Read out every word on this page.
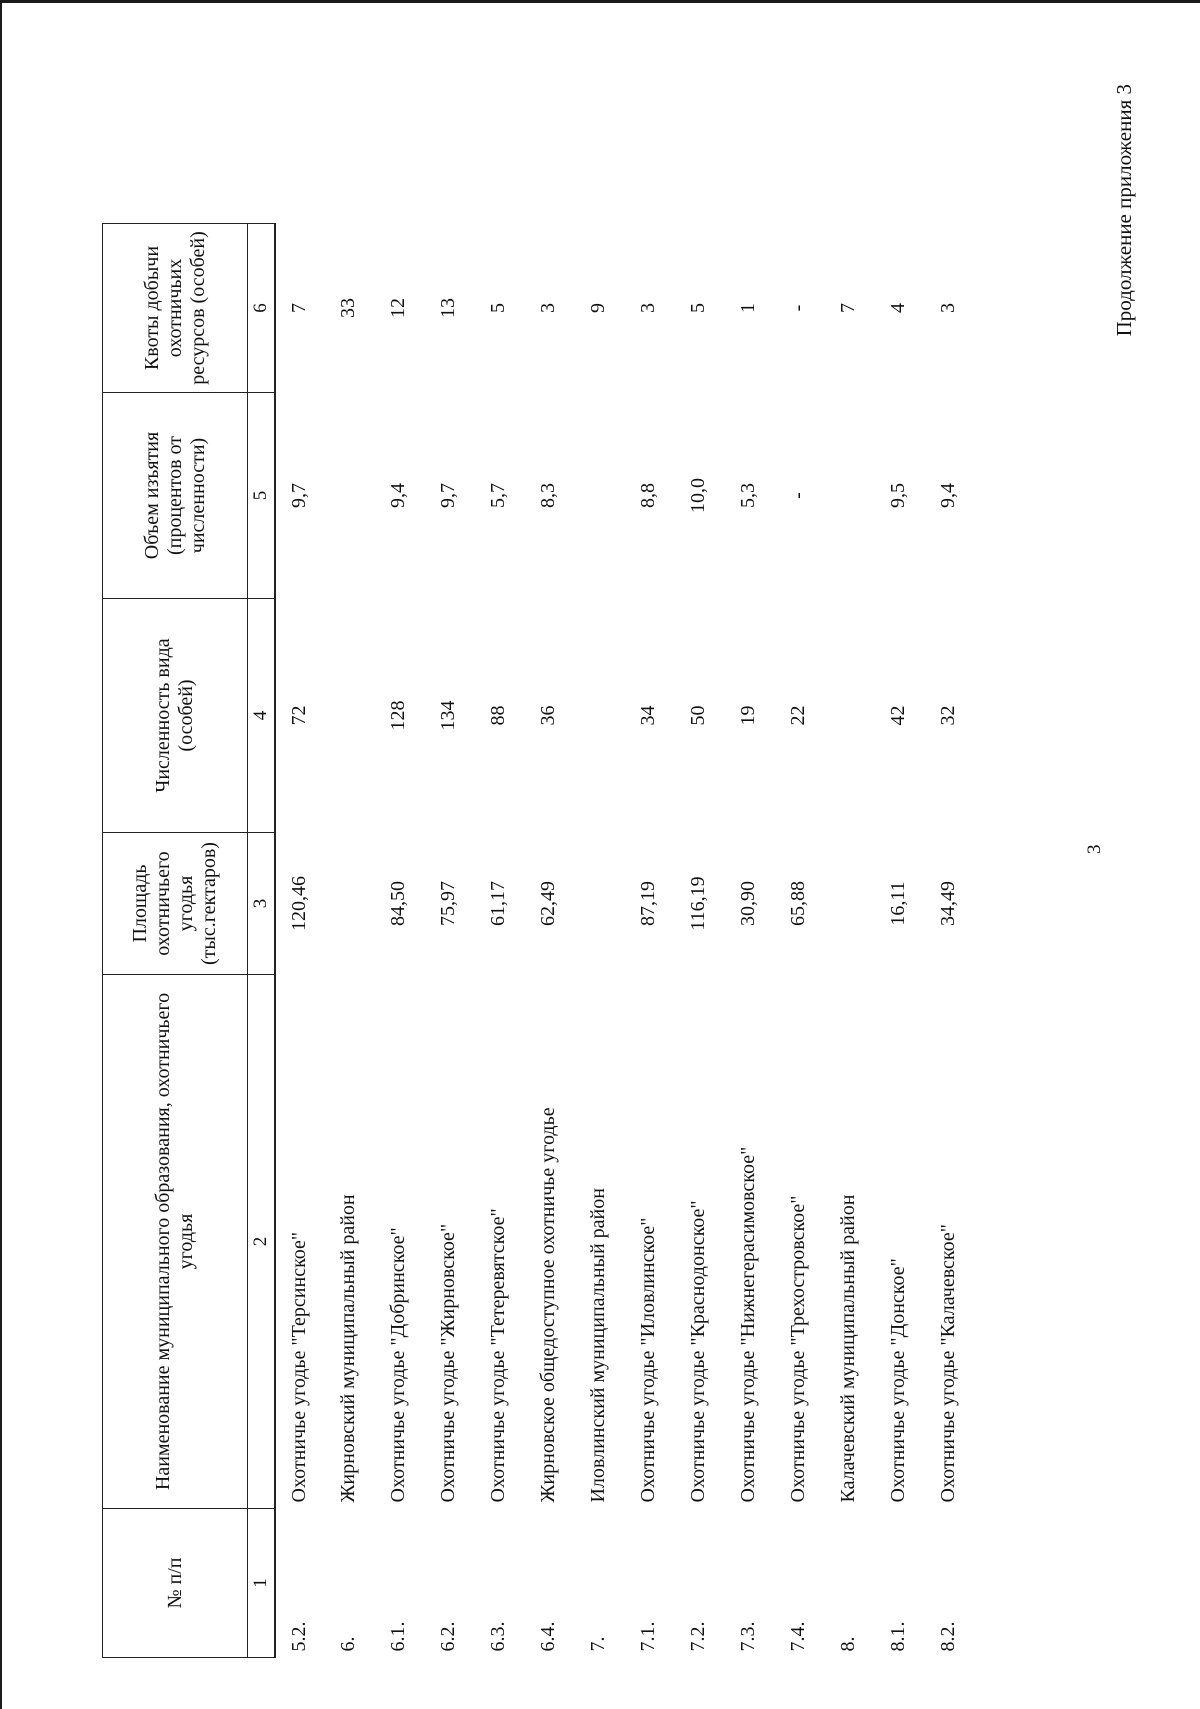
3
Продолжение приложения 3
№ п/п	Наименование муниципального образования, охотничьего угодья	Площадь охотничьего угодья (тыс.гектаров)	Численность вида (особей)	Объем изъятия (процентов от численности)	Квоты добычи охотничьих ресурсов (особей)
1	2	3	4	5	6
5.2.	Охотничье угодье "Терсинское"	120,46	72	9,7	7
6.	Жирновский муниципальный район				33
6.1.	Охотничье угодье "Добринское"	84,50	128	9,4	12
6.2.	Охотничье угодье "Жирновское"	75,97	134	9,7	13
6.3.	Охотничье угодье "Тетеревятское"	61,17	88	5,7	5
6.4.	Жирновское общедоступное охотничье угодье	62,49	36	8,3	3
7.	Иловлинский муниципальный район				9
7.1.	Охотничье угодье "Иловлинское"	87,19	34	8,8	3
7.2.	Охотничье угодье "Краснодонское"	116,19	50	10,0	5
7.3.	Охотничье угодье "Нижнегерасимовское"	30,90	19	5,3	1
7.4.	Охотничье угодье "Трехостровское"	65,88	22	-	-
8.	Калачевский муниципальный район				7
8.1.	Охотничье угодье "Донское"	16,11	42	9,5	4
8.2.	Охотничье угодье "Калачевское"	34,49	32	9,4	3
